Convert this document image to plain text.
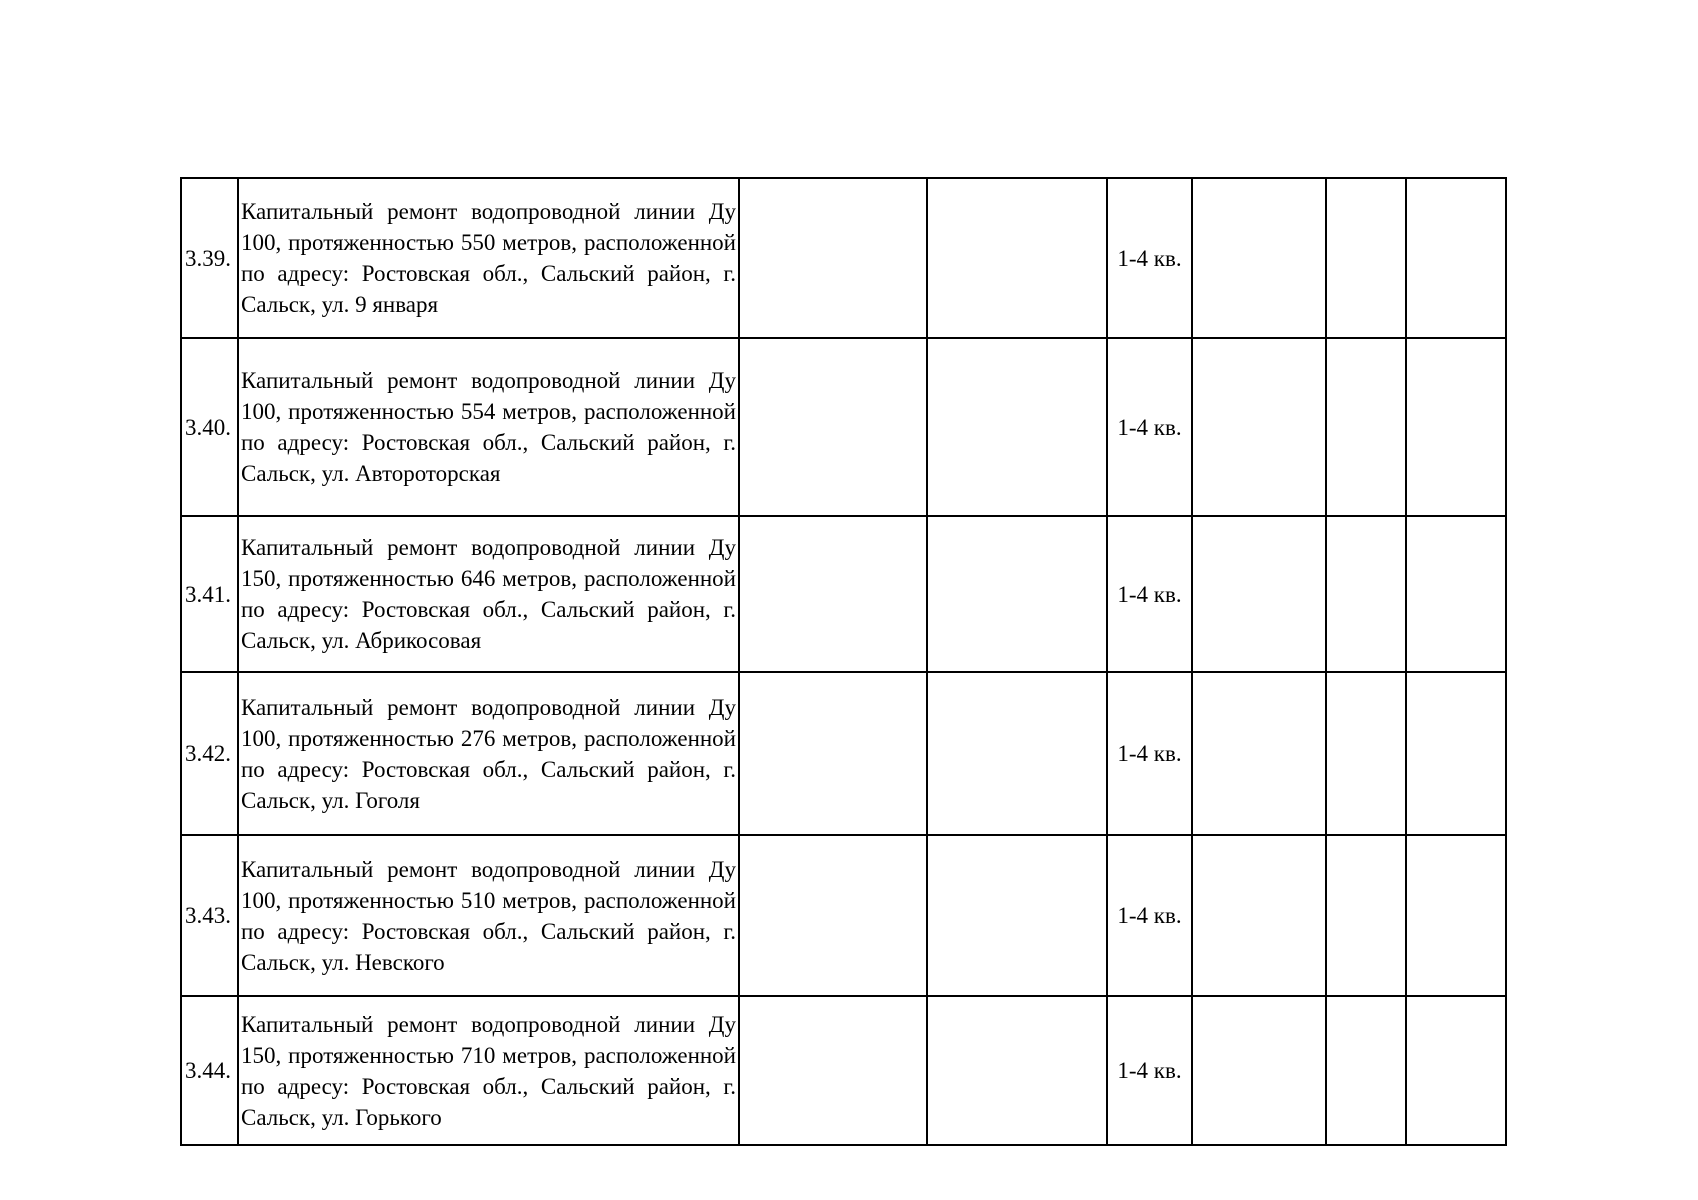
3.39.	Капитальный ремонт водопроводной линии Ду 100, протяженностью 550 метров, расположенной по адресу: Ростовская обл., Сальский район, г. Сальск, ул. 9 января			1-4 кв.			
3.40.	Капитальный ремонт водопроводной линии Ду 100, протяженностью 554 метров, расположенной по адресу: Ростовская обл., Сальский район, г. Сальск, ул. Автороторская			1-4 кв.			
3.41.	Капитальный ремонт водопроводной линии Ду 150, протяженностью 646 метров, расположенной по адресу: Ростовская обл., Сальский район, г. Сальск, ул. Абрикосовая			1-4 кв.			
3.42.	Капитальный ремонт водопроводной линии Ду 100, протяженностью 276 метров, расположенной по адресу: Ростовская обл., Сальский район, г. Сальск, ул. Гоголя			1-4 кв.			
3.43.	Капитальный ремонт водопроводной линии Ду 100, протяженностью 510 метров, расположенной по адресу: Ростовская обл., Сальский район, г. Сальск, ул. Невского			1-4 кв.			
3.44.	Капитальный ремонт водопроводной линии Ду 150, протяженностью 710 метров, расположенной по адресу: Ростовская обл., Сальский район, г. Сальск, ул. Горького			1-4 кв.			
